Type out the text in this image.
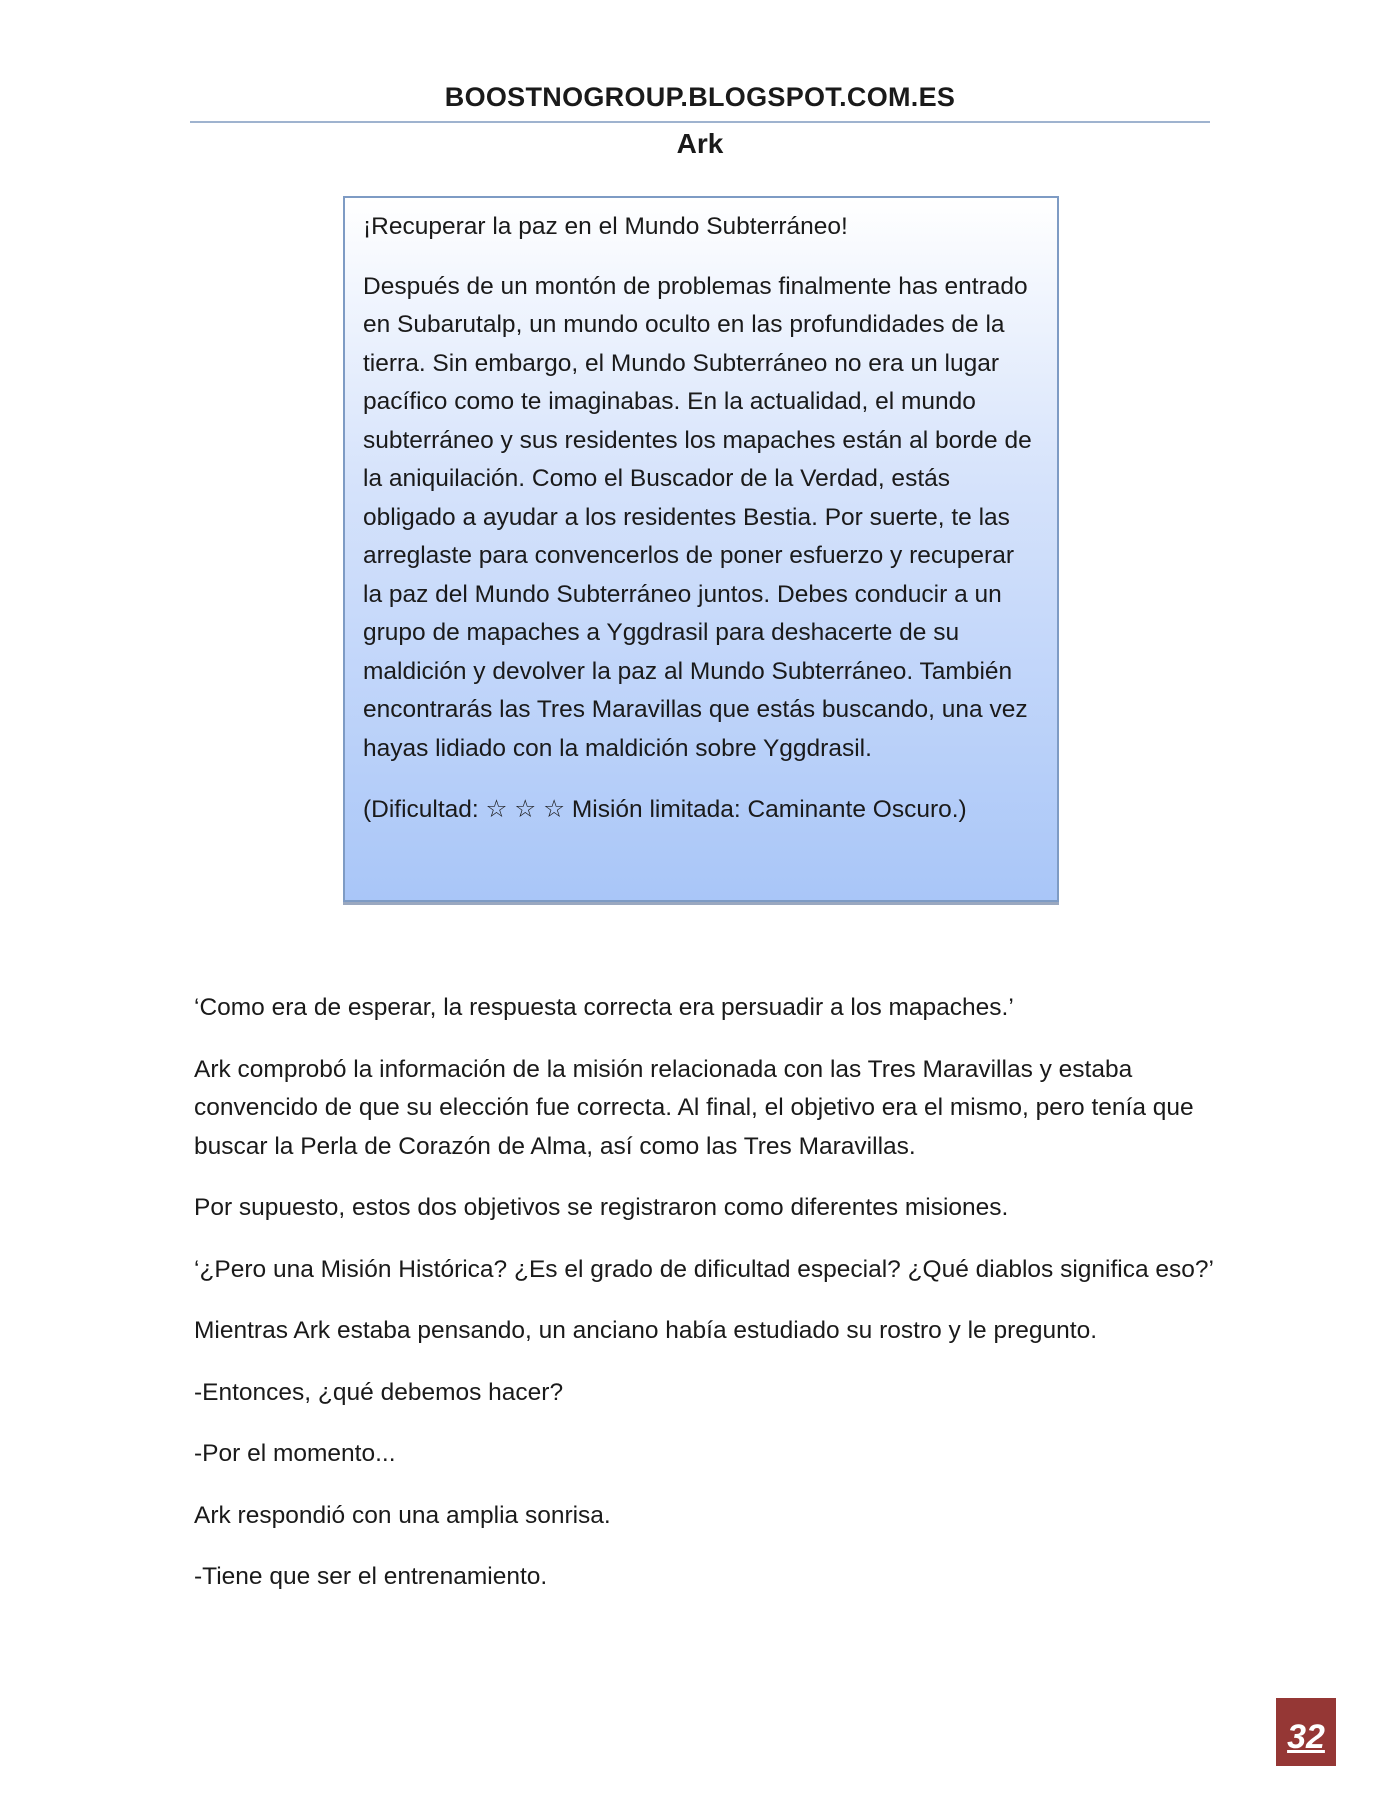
BOOSTNOGROUP.BLOGSPOT.COM.ES
Ark

¡Recuperar la paz en el Mundo Subterráneo!

Después de un montón de problemas finalmente has entrado en Subarutalp, un mundo oculto en las profundidades de la tierra. Sin embargo, el Mundo Subterráneo no era un lugar pacífico como te imaginabas. En la actualidad, el mundo subterráneo y sus residentes los mapaches están al borde de la aniquilación. Como el Buscador de la Verdad, estás obligado a ayudar a los residentes Bestia. Por suerte, te las arreglaste para convencerlos de poner esfuerzo y recuperar la paz del Mundo Subterráneo juntos. Debes conducir a un grupo de mapaches a Yggdrasil para deshacerte de su maldición y devolver la paz al Mundo Subterráneo. También encontrarás las Tres Maravillas que estás buscando, una vez hayas lidiado con la maldición sobre Yggdrasil.

(Dificultad: ☆ ☆ ☆ Misión limitada: Caminante Oscuro.)

‘Como era de esperar, la respuesta correcta era persuadir a los mapaches.’

Ark comprobó la información de la misión relacionada con las Tres Maravillas y estaba convencido de que su elección fue correcta. Al final, el objetivo era el mismo, pero tenía que buscar la Perla de Corazón de Alma, así como las Tres Maravillas.

Por supuesto, estos dos objetivos se registraron como diferentes misiones.

‘¿Pero una Misión Histórica? ¿Es el grado de dificultad especial? ¿Qué diablos significa eso?’

Mientras Ark estaba pensando, un anciano había estudiado su rostro y le pregunto.

-Entonces, ¿qué debemos hacer?

-Por el momento...

Ark respondió con una amplia sonrisa.

-Tiene que ser el entrenamiento.

32
